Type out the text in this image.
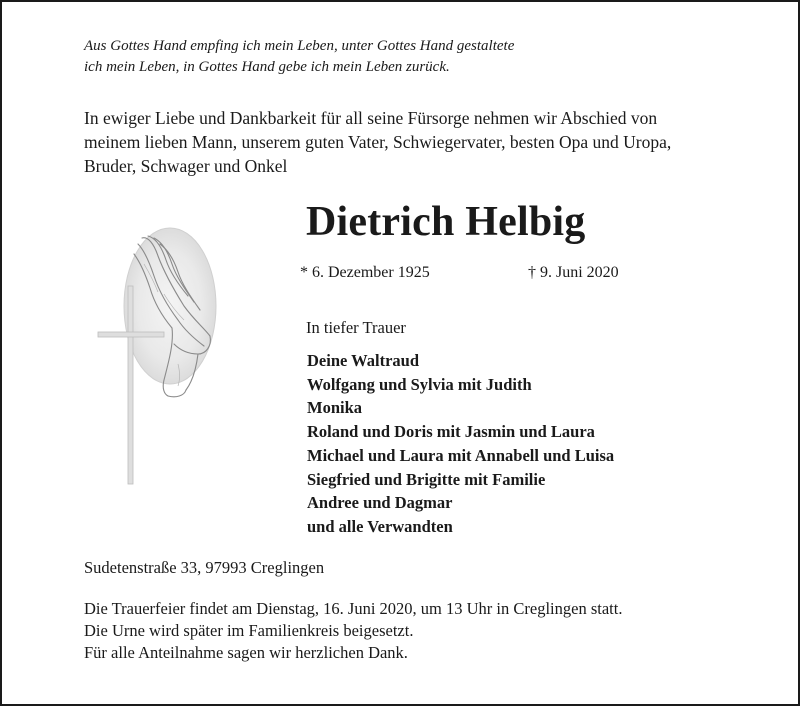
Aus Gottes Hand empfing ich mein Leben, unter Gottes Hand gestaltete
ich mein Leben, in Gottes Hand gebe ich mein Leben zurück.
In ewiger Liebe und Dankbarkeit für all seine Fürsorge nehmen wir Abschied von
meinem lieben Mann, unserem guten Vater, Schwiegervater, besten Opa und Uropa,
Bruder, Schwager und Onkel
Dietrich Helbig
* 6. Dezember 1925	† 9. Juni 2020
In tiefer Trauer
Deine Waltraud
Wolfgang und Sylvia mit Judith
Monika
Roland und Doris mit Jasmin und Laura
Michael und Laura mit Annabell und Luisa
Siegfried und Brigitte mit Familie
Andree und Dagmar
und alle Verwandten
Sudetenstraße 33, 97993 Creglingen
Die Trauerfeier findet am Dienstag, 16. Juni 2020, um 13 Uhr in Creglingen statt.
Die Urne wird später im Familienkreis beigesetzt.
Für alle Anteilnahme sagen wir herzlichen Dank.
